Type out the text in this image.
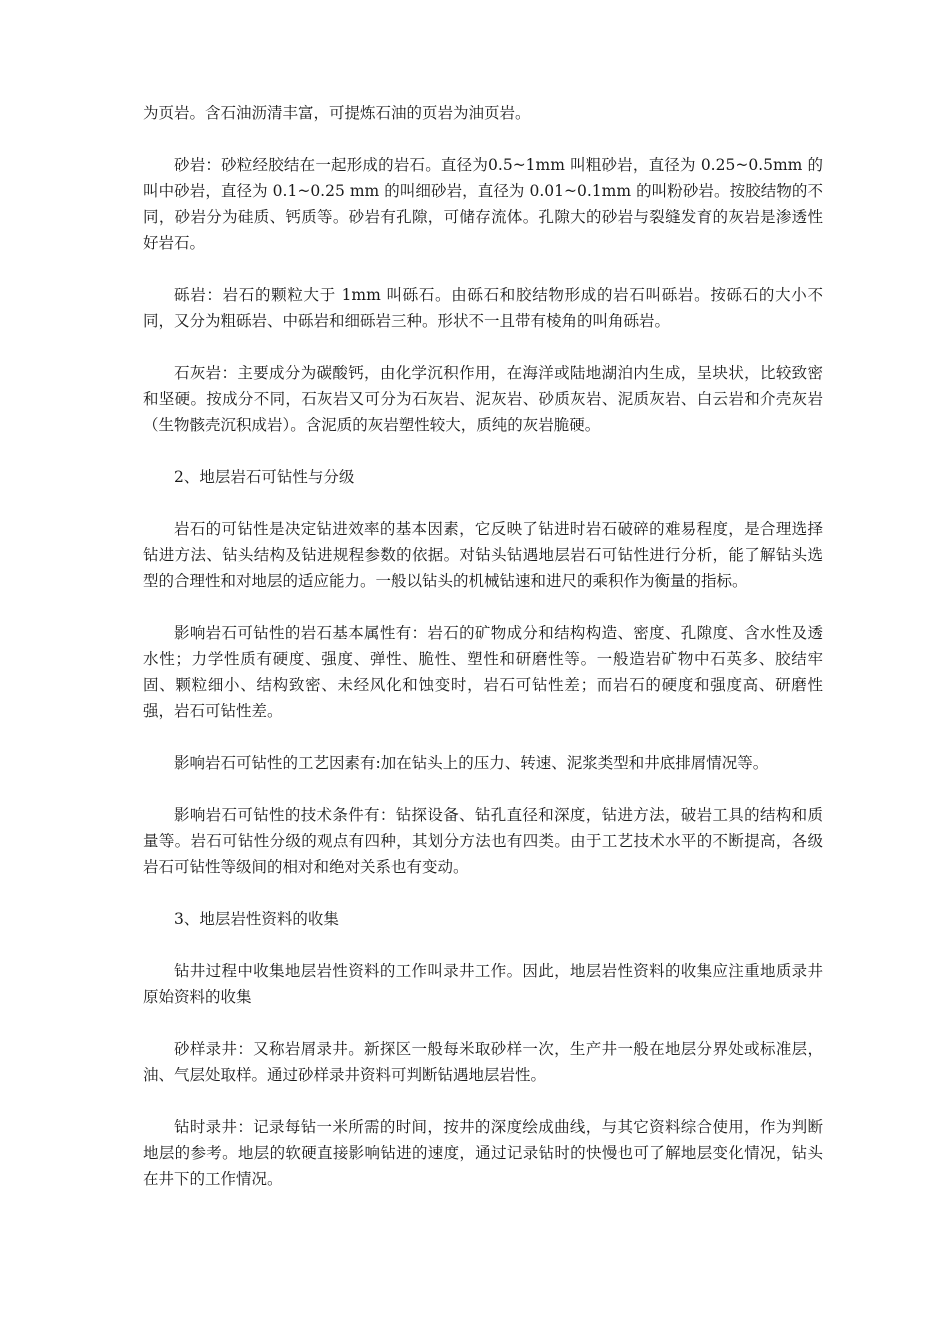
为页岩。含石油沥清丰富，可提炼石油的页岩为油页岩。

砂岩：砂粒经胶结在一起形成的岩石。直径为0.5~1mm 叫粗砂岩，直径为 0.25~0.5mm 的叫中砂岩，直径为 0.1~0.25 mm 的叫细砂岩，直径为 0.01~0.1mm 的叫粉砂岩。按胶结物的不同，砂岩分为硅质、钙质等。砂岩有孔隙，可储存流体。孔隙大的砂岩与裂缝发育的灰岩是渗透性好岩石。

砾岩：岩石的颗粒大于 1mm 叫砾石。由砾石和胶结物形成的岩石叫砾岩。按砾石的大小不同，又分为粗砾岩、中砾岩和细砾岩三种。形状不一且带有棱角的叫角砾岩。

石灰岩：主要成分为碳酸钙，由化学沉积作用，在海洋或陆地湖泊内生成，呈块状，比较致密和坚硬。按成分不同，石灰岩又可分为石灰岩、泥灰岩、砂质灰岩、泥质灰岩、白云岩和介壳灰岩（生物骸壳沉积成岩）。含泥质的灰岩塑性较大，质纯的灰岩脆硬。

2、地层岩石可钻性与分级

岩石的可钻性是决定钻进效率的基本因素，它反映了钻进时岩石破碎的难易程度，是合理选择钻进方法、钻头结构及钻进规程参数的依据。对钻头钻遇地层岩石可钻性进行分析，能了解钻头选型的合理性和对地层的适应能力。一般以钻头的机械钻速和进尺的乘积作为衡量的指标。

影响岩石可钻性的岩石基本属性有：岩石的矿物成分和结构构造、密度、孔隙度、含水性及透水性；力学性质有硬度、强度、弹性、脆性、塑性和研磨性等。一般造岩矿物中石英多、胶结牢固、颗粒细小、结构致密、未经风化和蚀变时，岩石可钻性差；而岩石的硬度和强度高、研磨性强，岩石可钻性差。

影响岩石可钻性的工艺因素有:加在钻头上的压力、转速、泥浆类型和井底排屑情况等。

影响岩石可钻性的技术条件有：钻探设备、钻孔直径和深度，钻进方法，破岩工具的结构和质量等。岩石可钻性分级的观点有四种，其划分方法也有四类。由于工艺技术水平的不断提高，各级岩石可钻性等级间的相对和绝对关系也有变动。

3、地层岩性资料的收集

钻井过程中收集地层岩性资料的工作叫录井工作。因此，地层岩性资料的收集应注重地质录井原始资料的收集

砂样录井：又称岩屑录井。新探区一般每米取砂样一次，生产井一般在地层分界处或标准层，油、气层处取样。通过砂样录井资料可判断钻遇地层岩性。

钻时录井：记录每钻一米所需的时间，按井的深度绘成曲线，与其它资料综合使用，作为判断地层的参考。地层的软硬直接影响钻进的速度，通过记录钻时的快慢也可了解地层变化情况，钻头在井下的工作情况。
